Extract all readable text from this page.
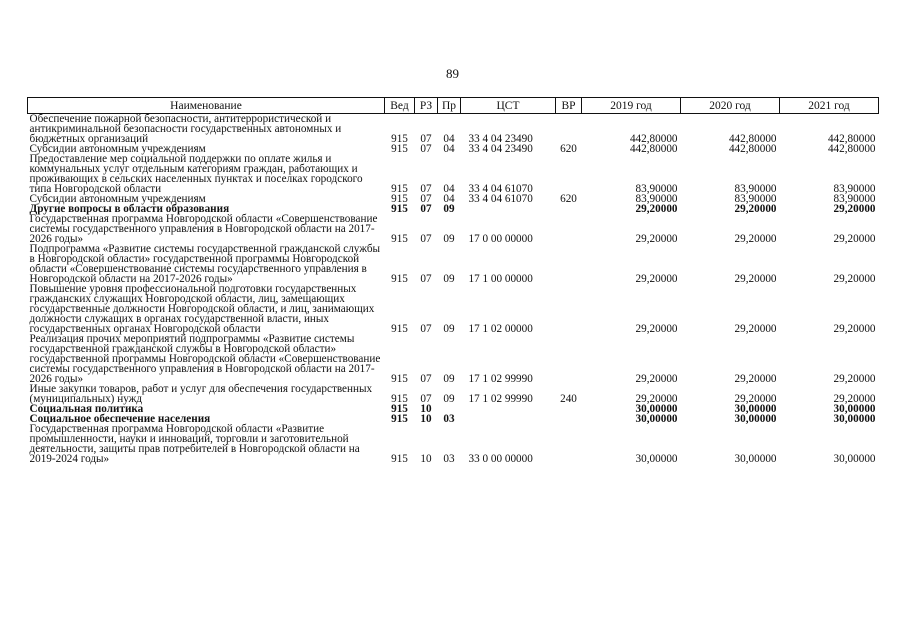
89
Наименование	Вед	РЗ	Пр	ЦСТ	ВР	2019 год	2020 год	2021 год
Обеспечение пожарной безопасности, антитеррористической и антикриминальной безопасности государственных автономных и бюджетных организаций	915	07	04	33 4 04 23490		442,80000	442,80000	442,80000
Субсидии автономным учреждениям	915	07	04	33 4 04 23490	620	442,80000	442,80000	442,80000
Предоставление мер социальной поддержки по оплате жилья и коммунальных услуг отдельным категориям граждан, работающих и проживающих в сельских населенных пунктах и поселках городского типа Новгородской области	915	07	04	33 4 04 61070		83,90000	83,90000	83,90000
Субсидии автономным учреждениям	915	07	04	33 4 04 61070	620	83,90000	83,90000	83,90000
Другие вопросы в области образования	915	07	09			29,20000	29,20000	29,20000
Государственная программа Новгородской области «Совершенствование системы государственного управления в Новгородской области на 2017-2026 годы»	915	07	09	17 0 00 00000		29,20000	29,20000	29,20000
Подпрограмма «Развитие системы государственной гражданской службы в Новгородской области» государственной программы Новгородской области «Совершенствование системы государственного управления в Новгородской области на 2017-2026 годы»	915	07	09	17 1 00 00000		29,20000	29,20000	29,20000
Повышение уровня профессиональной подготовки государственных гражданских служащих Новгородской области, лиц, замещающих государственные должности Новгородской области, и лиц, занимающих должности служащих в органах государственной власти, иных государственных органах Новгородской области	915	07	09	17 1 02 00000		29,20000	29,20000	29,20000
Реализация прочих мероприятий подпрограммы «Развитие системы государственной гражданской службы в Новгородской области» государственной программы Новгородской области «Совершенствование системы государственного управления в Новгородской области на 2017-2026 годы»	915	07	09	17 1 02 99990		29,20000	29,20000	29,20000
Иные закупки товаров, работ и услуг для обеспечения государственных (муниципальных) нужд	915	07	09	17 1 02 99990	240	29,20000	29,20000	29,20000
Социальная политика	915	10				30,00000	30,00000	30,00000
Социальное обеспечение населения	915	10	03			30,00000	30,00000	30,00000
Государственная программа Новгородской области «Развитие промышленности, науки и инноваций, торговли и заготовительной деятельности, защиты прав потребителей в Новгородской области на 2019-2024 годы»	915	10	03	33 0 00 00000		30,00000	30,00000	30,00000
